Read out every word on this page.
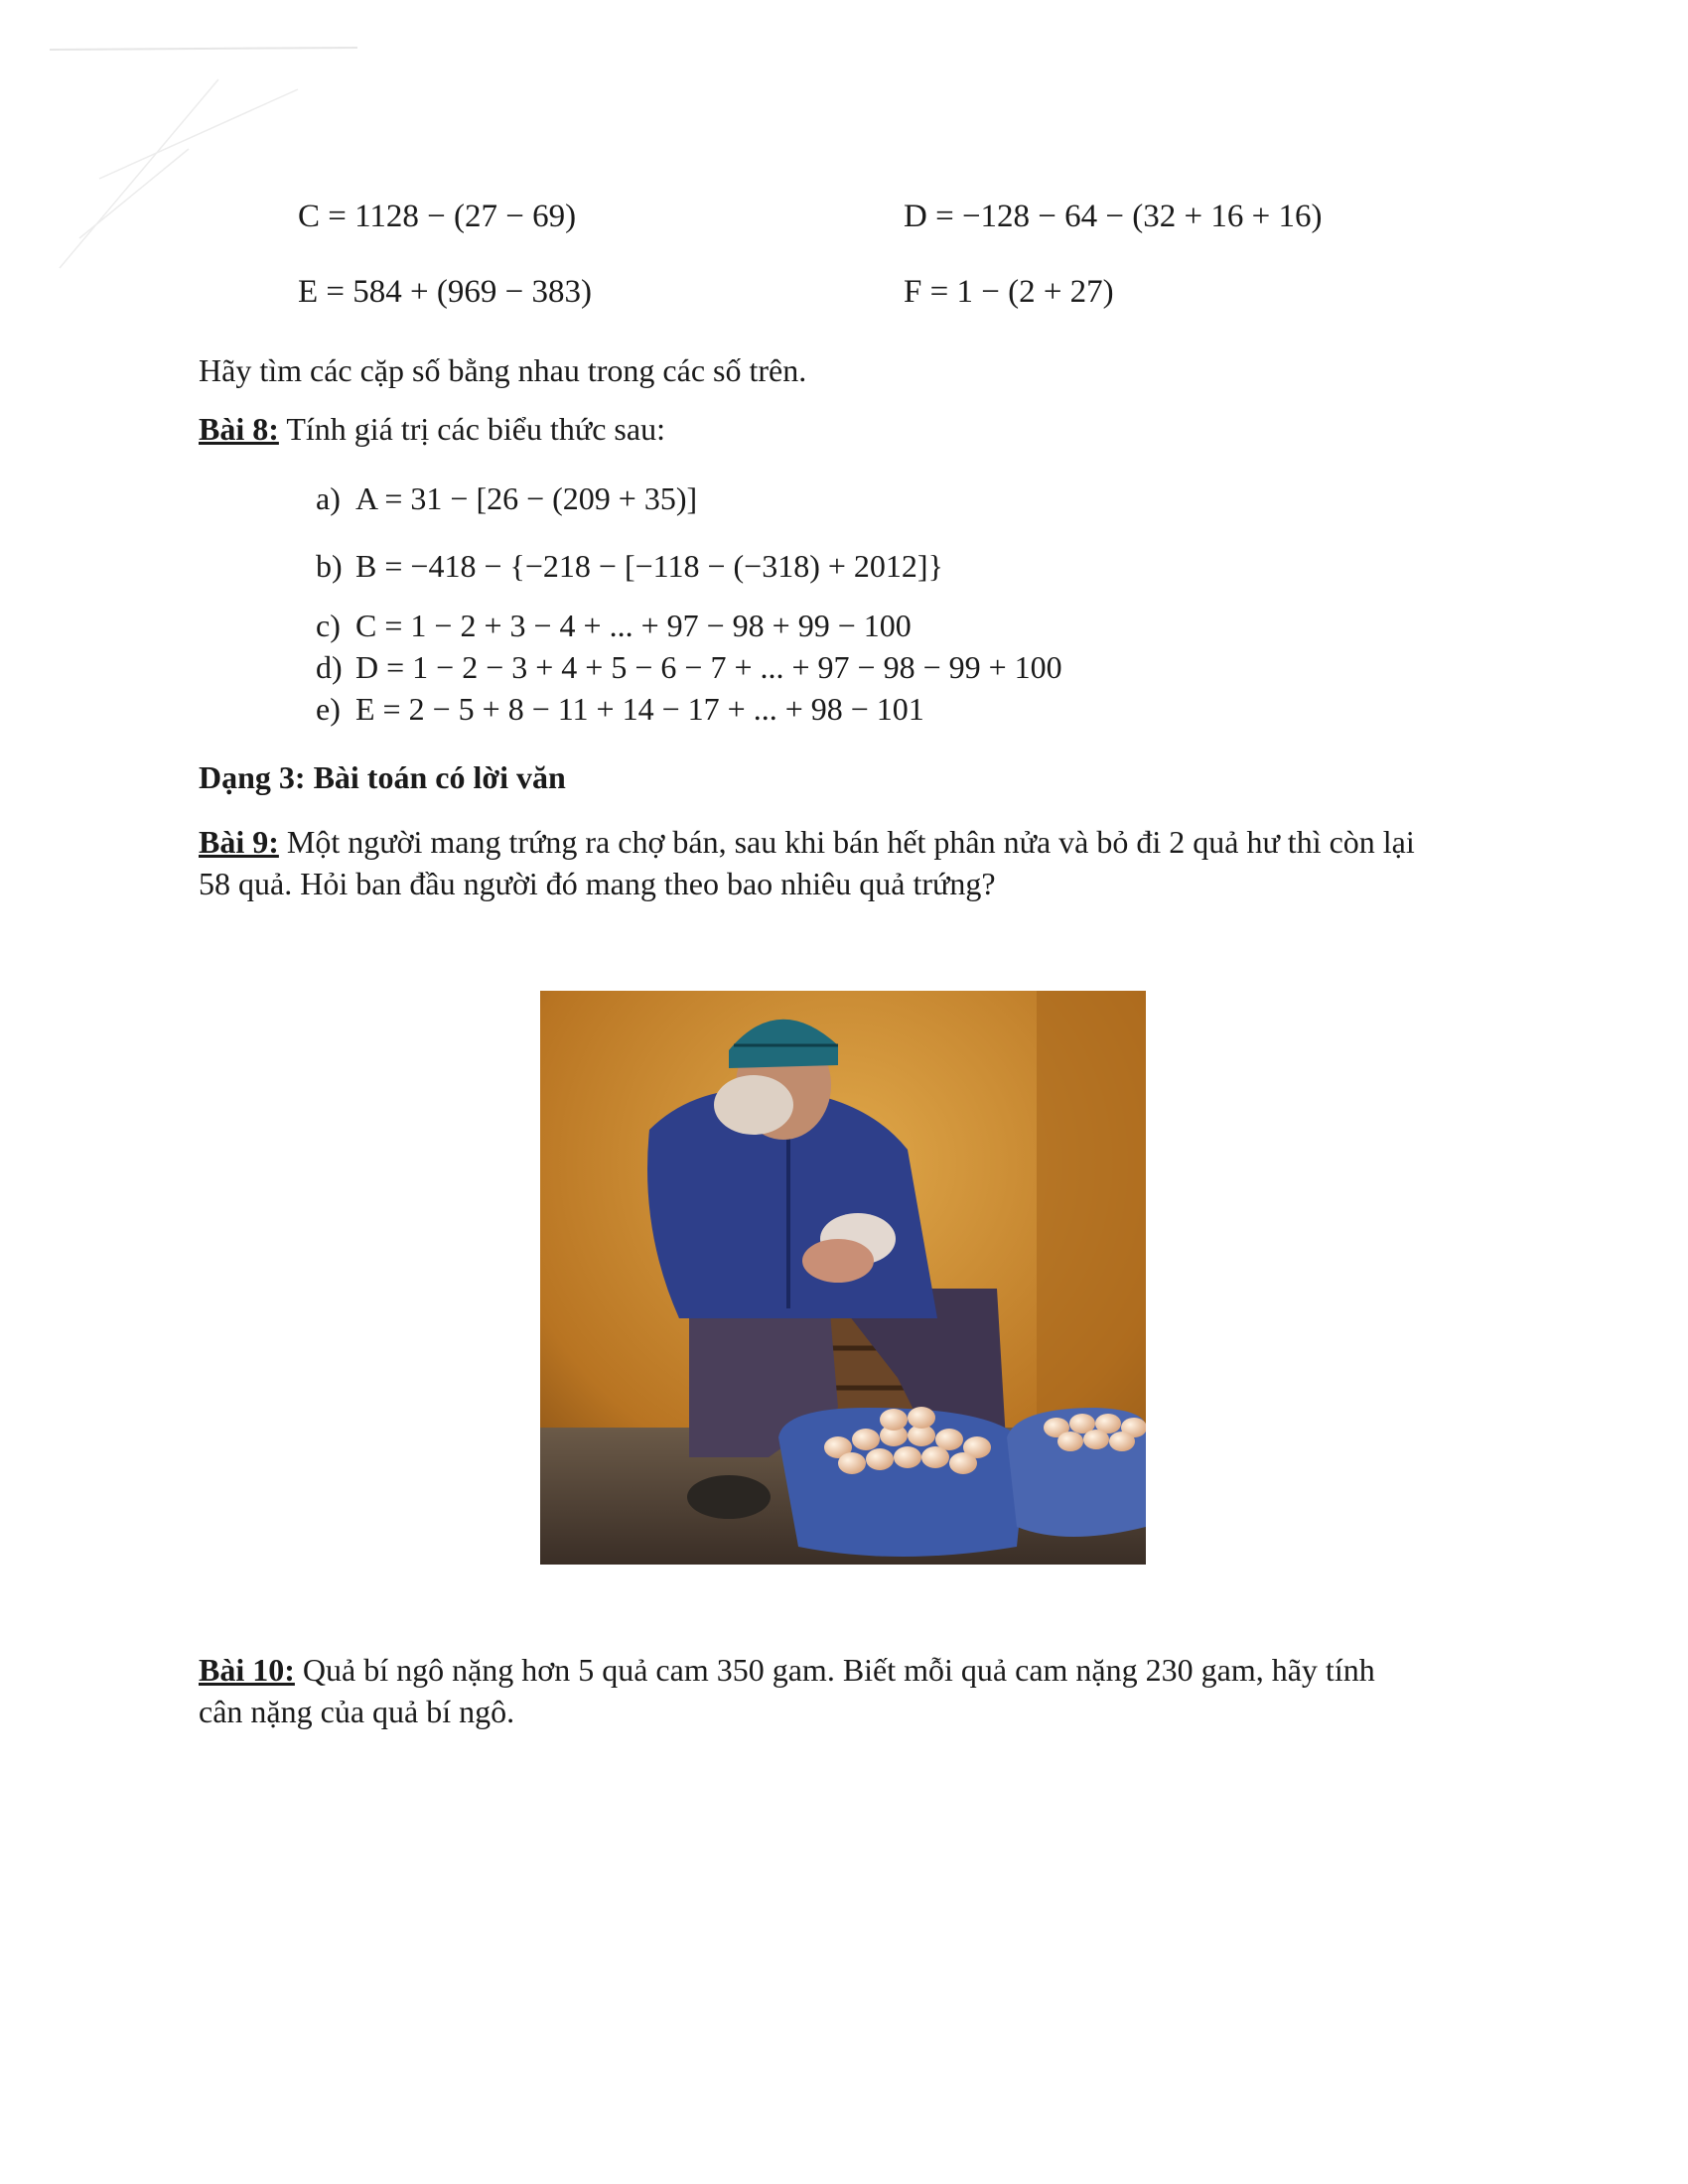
C = 1128 − (27 − 69)	D = −128 − 64 − (32 + 16 + 16)
E = 584 + (969 − 383)	F = 1 − (2 + 27)
Hãy tìm các cặp số bằng nhau trong các số trên.
Bài 8: Tính giá trị các biểu thức sau:
a) A = 31 − [26 − (209 + 35)]
b) B = −418 − {−218 − [−118 − (−318) + 2012]}
c) C = 1 − 2 + 3 − 4 + ... + 97 − 98 + 99 − 100
d) D = 1 − 2 − 3 + 4 + 5 − 6 − 7 + ... + 97 − 98 − 99 + 100
e) E = 2 − 5 + 8 − 11 + 14 − 17 + ... + 98 − 101
Dạng 3: Bài toán có lời văn
Bài 9: Một người mang trứng ra chợ bán, sau khi bán hết phân nửa và bỏ đi 2 quả hư thì còn lại
58 quả. Hỏi ban đầu người đó mang theo bao nhiêu quả trứng?
Bài 10: Quả bí ngô nặng hơn 5 quả cam 350 gam. Biết mỗi quả cam nặng 230 gam, hãy tính
cân nặng của quả bí ngô.
